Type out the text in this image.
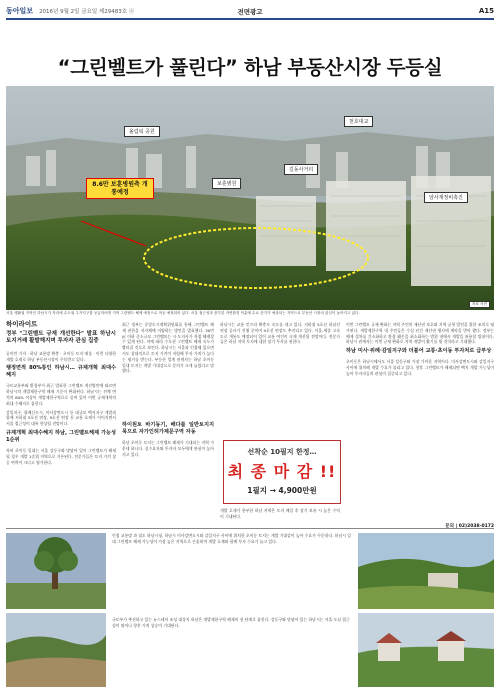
동아일보 2016년 9월 2일 금요일 제29483호 ⓐ	전면광고	A15
“그린벨트가 풀린다” 하남 부동산시장 두등실
올림픽 공원
천호대교
길동사거리
보훈병원
암사재정비촉진
8.6만 보훈병원측 개통예정
자료 사진
서울 생활권 지역인 하남시가 자리에 수도권 주거지구를 공급하려면 지역 그린벨트 해제 예정으로 착공 예정되어 있다. 서울 접근성과 풍부한 자연환경 덕분에 수요 증가가 예상되는 지역으로 부동산 시장의 관심이 높아지고 있다.
하이라이트
정부 "그린벨트 규제 개선한다" 발표 하남시 토지거래 활발해지며 투자자 관심 집중

공미란 기자 · 하남 교통망 확충 · 초이동 토지 매물 · 이런 다양한 개발 호재로 하남 부동산시장이 주목받고 있다.

행정면적 80%통인 하남시… 규제개혁 최대수혜지

국토교통부와 환경부가 최근 발표한 그린벨트 개선방안에 따르면 하남시의 개발제한구역 해제 기준이 완화된다. 하남시는 전체 면적의 80% 이상이 개발제한구역으로 묶여 있어 이번 규제개혁의 최대 수혜지로 꼽힌다.

감일지구, 위례신도시, 미사강변도시 등 대규모 택지지구 개발과 함께 지하철 5호선 연장, 9호선 연장 등 교통 호재가 이어지면서 서울 접근성이 대폭 향상될 전망이다.

규제개혁 최대수혜지 하남, 그린벨트해제 가능성 1순위

특히 초이동 일대는 서울 강동구와 맞닿아 있어 그린벨트가 해제될 경우 개발 1순위 지역으로 거론된다. 전문가들은 토지 가격 상승 여력이 크다고 평가한다.

최근 정부는 중앙도시계획위원회를 통해 그린벨트 해제 권한을 지자체에 이양하는 방안을 발표했다. 30만㎡ 이하 중소규모 그린벨트는 시·도지사가 직접 해제할 수 있게 된다. 이에 따라 수도권 그린벨트 해제 속도가 빨라질 것으로 보인다. 하남시는 서울과 인접해 있으면서도 상대적으로 토지 가격이 저렴해 투자 가치가 높다는 평가를 받는다. 부동산 업계 관계자는 하남 초이동 일대 토지는 개발 기대감으로 문의가 크게 늘었다고 말했다.

하남시는 교통 인프라 확충도 속도를 내고 있다. 지하철 5호선 하남선 연장 공사가 진행 중이며 9호선 연장도 추진되고 있다. 서울-세종 고속도로 개통도 예정되어 있어 교통 여건이 크게 개선될 전망이다. 전문가들은 하남 지역 토지에 대한 장기 투자를 권한다.

선착순 10필지 한정…
최 종 마 감 !!
1필지 → 4,900만원

개발 호재가 풍부한 하남 지역은 토지 매입 후 장기 보유 시 높은 수익이 기대된다.

이번 그린벨트 규제 완화는 지역 주민의 재산권 보호와 지역 균형 발전을 위한 조치로 평가된다. 개발제한구역 내 주민들은 수십 년간 재산권 행사에 제약을 받아 왔다. 정부는 해제 절차를 간소화하고 환경 훼손을 최소화하는 범위 내에서 개발을 허용할 방침이다. 하남시 관계자는 이번 규제 완화로 지역 개발이 활기를 띨 것이라고 기대했다.

하남 미사·위례·감일지구와 더불어 교통·초이동 투자처로 급부상

초이동은 하남시에서도 서울 강동구와 가장 가까운 지역이다. 미사강변도시와 감일지구 사이에 위치해 개발 수요가 몰리고 있다. 향후 그린벨트가 해제되면 택지 개발 가능성이 높아 투자자들의 관심이 집중되고 있다.

하이원토 바기동기, 배다를 일반토지지목으로 자가인허가제문구역 자동

하남 초이동 토지는 그린벨트 해제가 기대되는 지역 가운데 하나다. 실수요자와 투자자 모두에게 관심이 높아지고 있다.

문의 | 02)2038-0172
인접 교통망 과 철도 하남시청, 하남시 미사강변도시와 감일지구 사이에 위치한 초이동 토지는 개발 기대감이 높아 수요가 꾸준하다. 하남시 일대 그린벨트 해제 가능성이 가장 높은 지역으로 손꼽히며 개발 호재와 함께 투자 수요가 늘고 있다.
국토부가 추진하고 있는 뉴스테이 조성 대상지 하남은 개발제한구역 해제의 첫 단계로 꼽힌다. 강동구와 맞닿아 있는 하남시는 서울 도심 접근성이 뛰어나 향후 가치 상승이 기대된다.
